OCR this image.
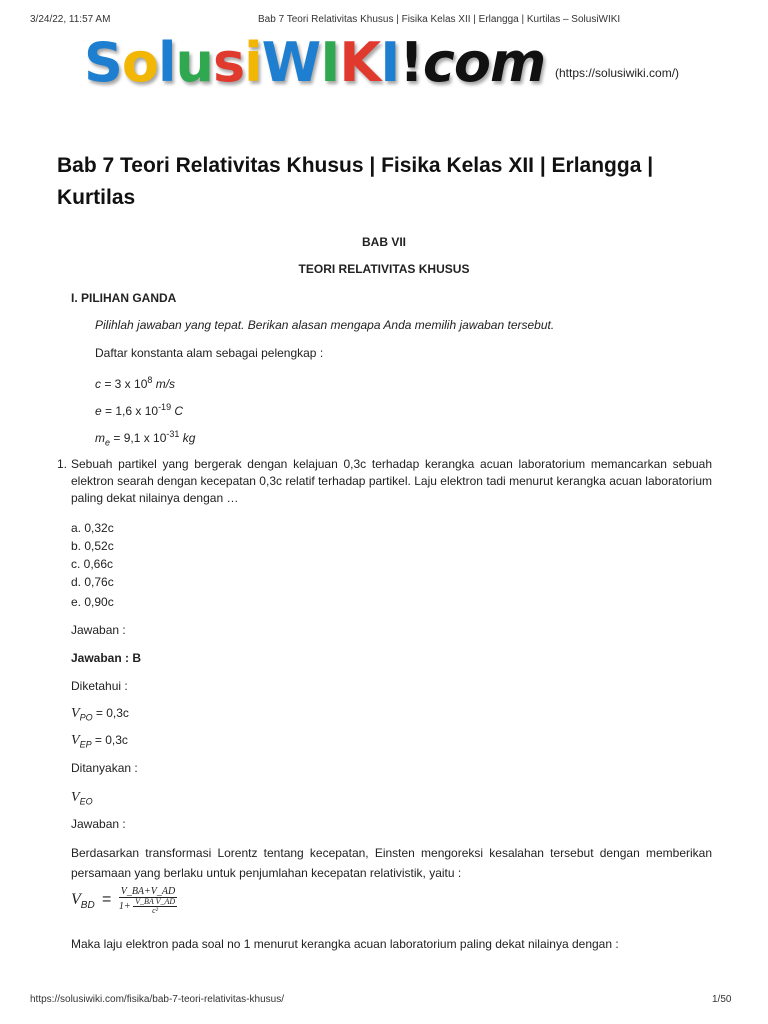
3/24/22, 11:57 AM	Bab 7 Teori Relativitas Khusus | Fisika Kelas XII | Erlangga | Kurtilas – SolusiWIKI
SolusiWIKI!com (https://solusiwiki.com/)
Bab 7 Teori Relativitas Khusus | Fisika Kelas XII | Erlangga | Kurtilas
BAB VII
TEORI RELATIVITAS KHUSUS
I. PILIHAN GANDA
Pilihlah jawaban yang tepat. Berikan alasan mengapa Anda memilih jawaban tersebut.
Daftar konstanta alam sebagai pelengkap :
c = 3 x $10^8$ m/s
e = 1,6 x $10^{-19}$ C
$m_e = 9,1$ x $10^{-31}$ kg
1. Sebuah partikel yang bergerak dengan kelajuan 0,3c terhadap kerangka acuan laboratorium memancarkan sebuah elektron searah dengan kecepatan 0,3c relatif terhadap partikel. Laju elektron tadi menurut kerangka acuan laboratorium paling dekat nilainya dengan …
a. 0,32c
b. 0,52c
c. 0,66c
d. 0,76c
e. 0,90c
Jawaban :
Jawaban : B
Diketahui :
$V_{PO} = 0,3c$
$V_{EP} = 0,3c$
Ditanyakan :
$V_{EO}$
Jawaban :
Berdasarkan transformasi Lorentz tentang kecepatan, Einsten mengoreksi kesalahan tersebut dengan memberikan persamaan yang berlaku untuk penjumlahan kecepatan relativistik, yaitu :
$V_{BD} = \frac{V\_BA+V\_AD}{1+ \frac{\text{V\_BA V\_AD}}{\text{c²}}}$
Maka laju elektron pada soal no 1 menurut kerangka acuan laboratorium paling dekat nilainya dengan :
https://solusiwiki.com/fisika/bab-7-teori-relativitas-khusus/	1/50
